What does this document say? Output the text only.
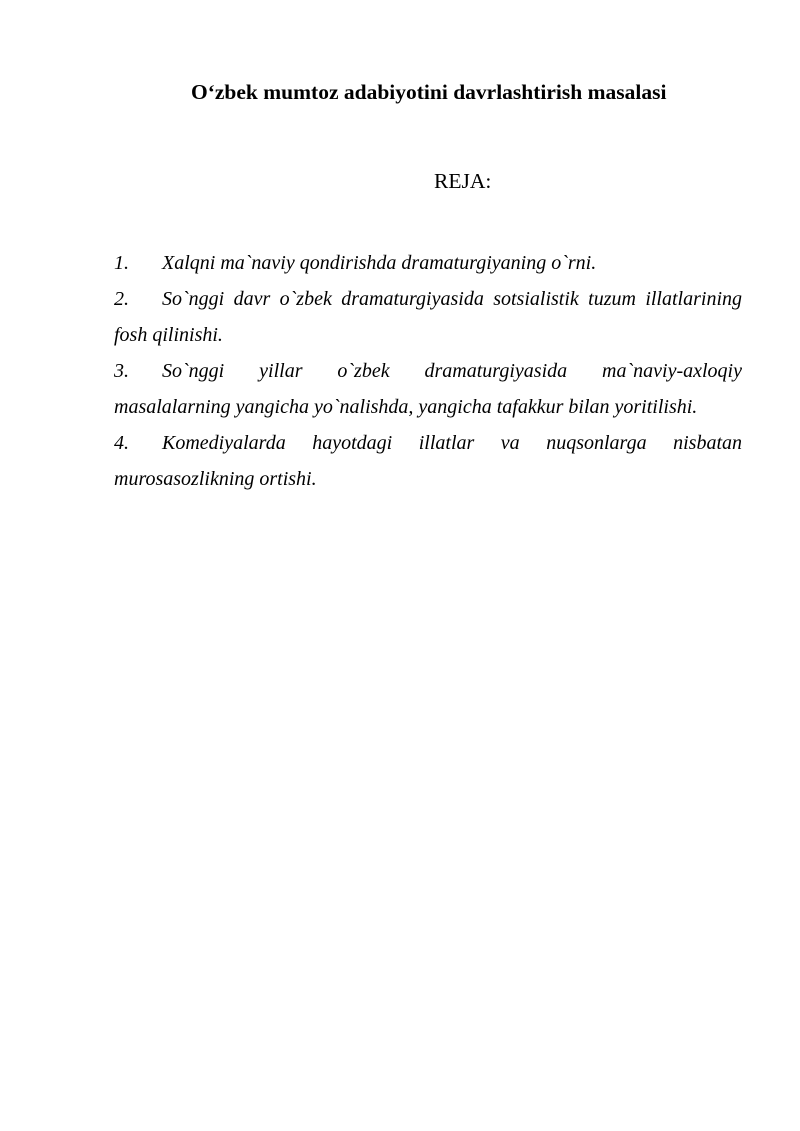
O‘zbek mumtoz adabiyotini davrlashtirish masalasi
REJA:

1. Xalqni ma`naviy qondirishda dramaturgiyaning o`rni.

2. So`nggi davr o`zbek dramaturgiyasida sotsialistik tuzum illatlarining fosh qilinishi.

3. So`nggi yillar o`zbek dramaturgiyasida ma`naviy-axloqiy masalalarning yangicha yo`nalishda, yangicha tafakkur bilan yoritilishi.

4. Komediyalarda hayotdagi illatlar va nuqsonlarga nisbatan murosasozlikning ortishi.
